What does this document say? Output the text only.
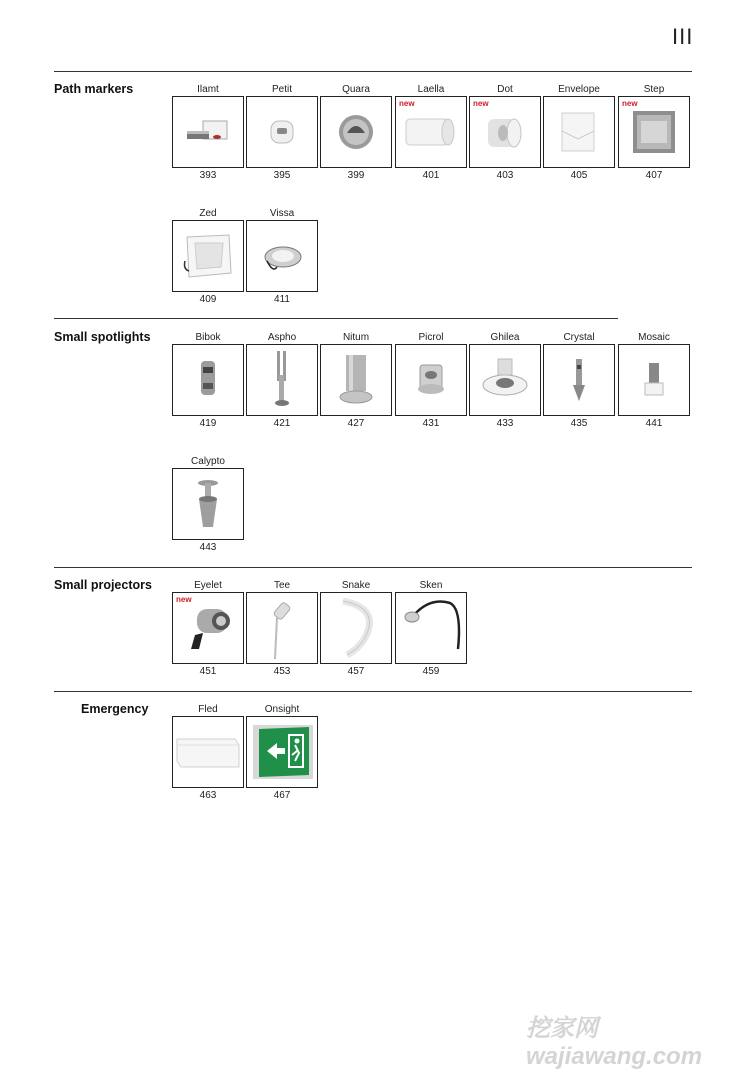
III
Path markers
Small spotlights
Small projectors
Emergency
Ilamt
393
Petit
395
Quara
399
Laella
new
401
Dot
new
403
Envelope
405
Step
new
407
Zed
409
Vissa
411
Bibok
419
Aspho
421
Nitum
427
Picrol
431
Ghilea
433
Crystal
435
Mosaic
441
Calypto
443
Eyelet
new
451
Tee
453
Snake
457
Sken
459
Fled
463
Onsight
467
挖家网 wajiawang.com
